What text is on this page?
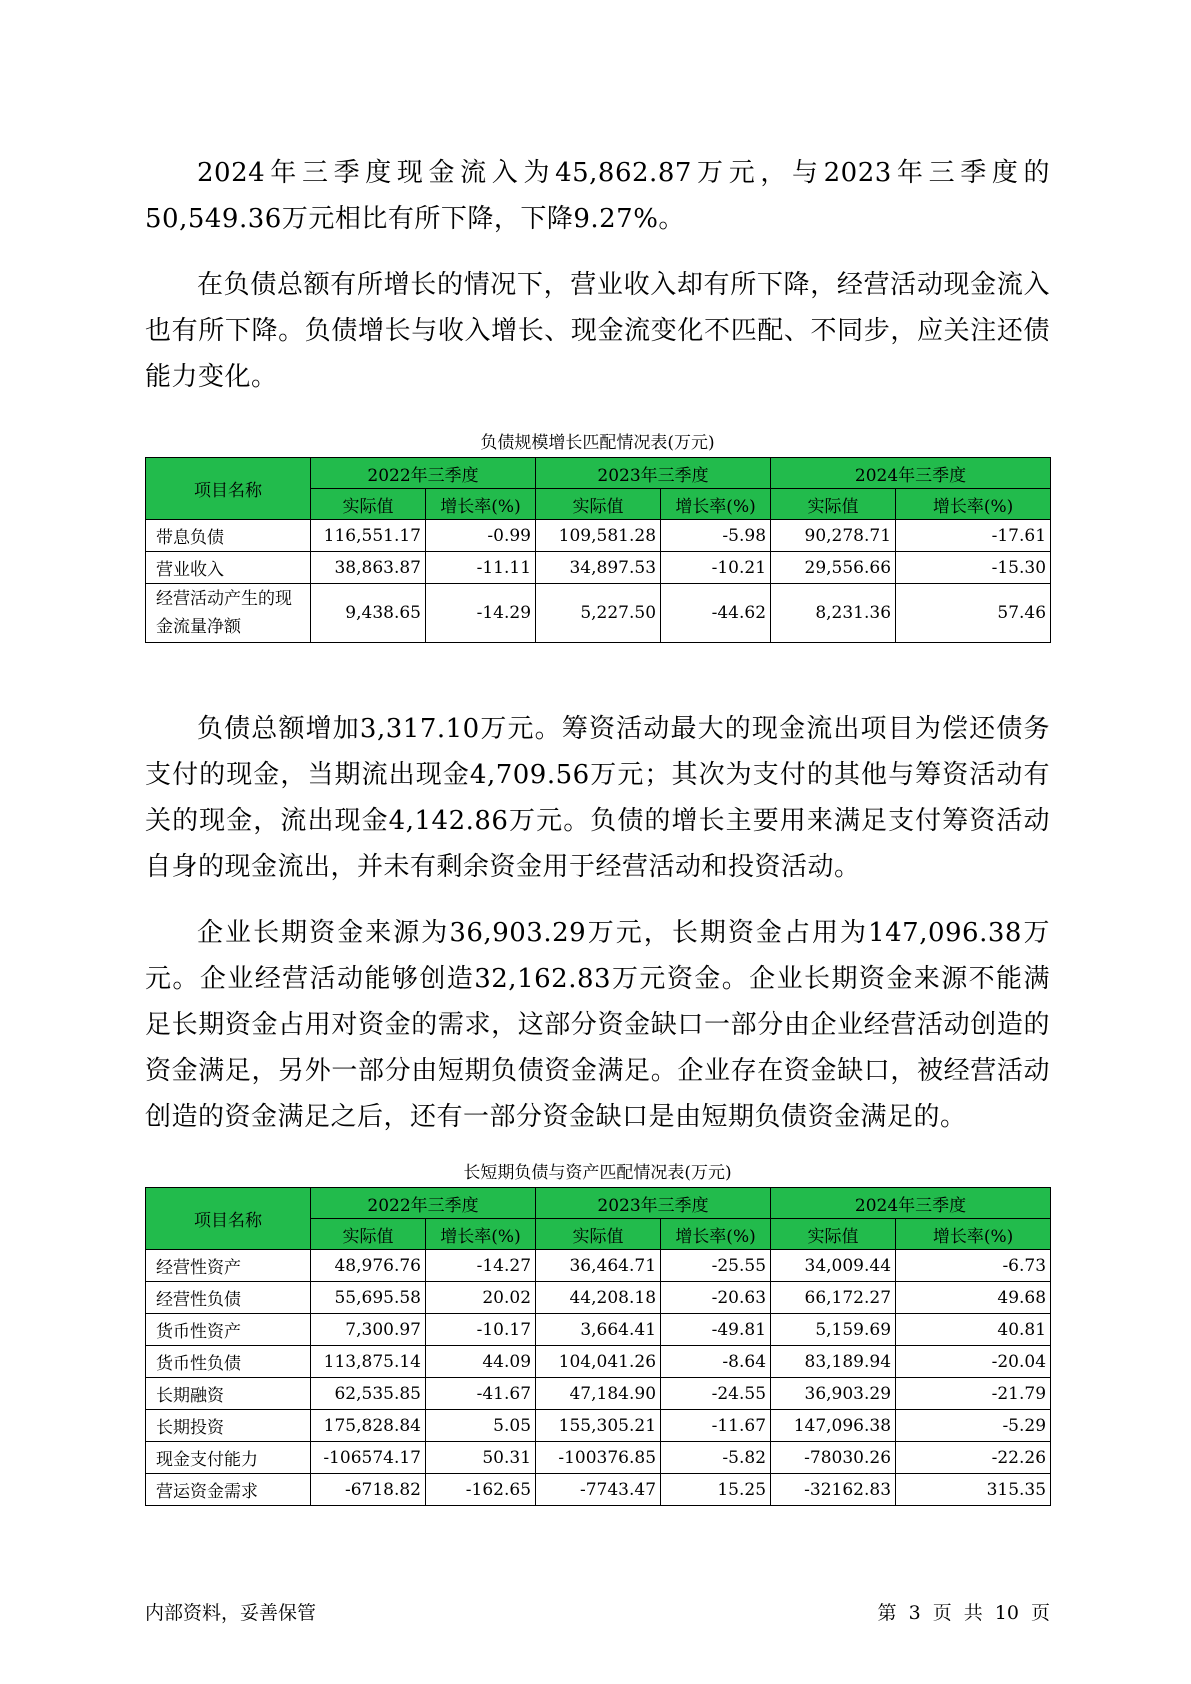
2024年三季度现金流入为45,862.87万元，与2023年三季度的50,549.36万元相比有所下降，下降9.27%。

在负债总额有所增长的情况下，营业收入却有所下降，经营活动现金流入也有所下降。负债增长与收入增长、现金流变化不匹配、不同步，应关注还债能力变化。

负债规模增长匹配情况表(万元)
项目名称	2022年三季度		2023年三季度		2024年三季度	
	实际值	增长率(%)	实际值	增长率(%)	实际值	增长率(%)
带息负债	116,551.17	-0.99	109,581.28	-5.98	90,278.71	-17.61
营业收入	38,863.87	-11.11	34,897.53	-10.21	29,556.66	-15.30
经营活动产生的现金流量净额	9,438.65	-14.29	5,227.50	-44.62	8,231.36	57.46

负债总额增加3,317.10万元。筹资活动最大的现金流出项目为偿还债务支付的现金，当期流出现金4,709.56万元；其次为支付的其他与筹资活动有关的现金，流出现金4,142.86万元。负债的增长主要用来满足支付筹资活动自身的现金流出，并未有剩余资金用于经营活动和投资活动。

企业长期资金来源为36,903.29万元，长期资金占用为147,096.38万元。企业经营活动能够创造32,162.83万元资金。企业长期资金来源不能满足长期资金占用对资金的需求，这部分资金缺口一部分由企业经营活动创造的资金满足，另外一部分由短期负债资金满足。企业存在资金缺口，被经营活动创造的资金满足之后，还有一部分资金缺口是由短期负债资金满足的。

长短期负债与资产匹配情况表(万元)
项目名称	2022年三季度		2023年三季度		2024年三季度	
	实际值	增长率(%)	实际值	增长率(%)	实际值	增长率(%)
经营性资产	48,976.76	-14.27	36,464.71	-25.55	34,009.44	-6.73
经营性负债	55,695.58	20.02	44,208.18	-20.63	66,172.27	49.68
货币性资产	7,300.97	-10.17	3,664.41	-49.81	5,159.69	40.81
货币性负债	113,875.14	44.09	104,041.26	-8.64	83,189.94	-20.04
长期融资	62,535.85	-41.67	47,184.90	-24.55	36,903.29	-21.79
长期投资	175,828.84	5.05	155,305.21	-11.67	147,096.38	-5.29
现金支付能力	-106574.17	50.31	-100376.85	-5.82	-78030.26	-22.26
营运资金需求	-6718.82	-162.65	-7743.47	15.25	-32162.83	315.35
内部资料，妥善保管	第 3 页 共 10 页
